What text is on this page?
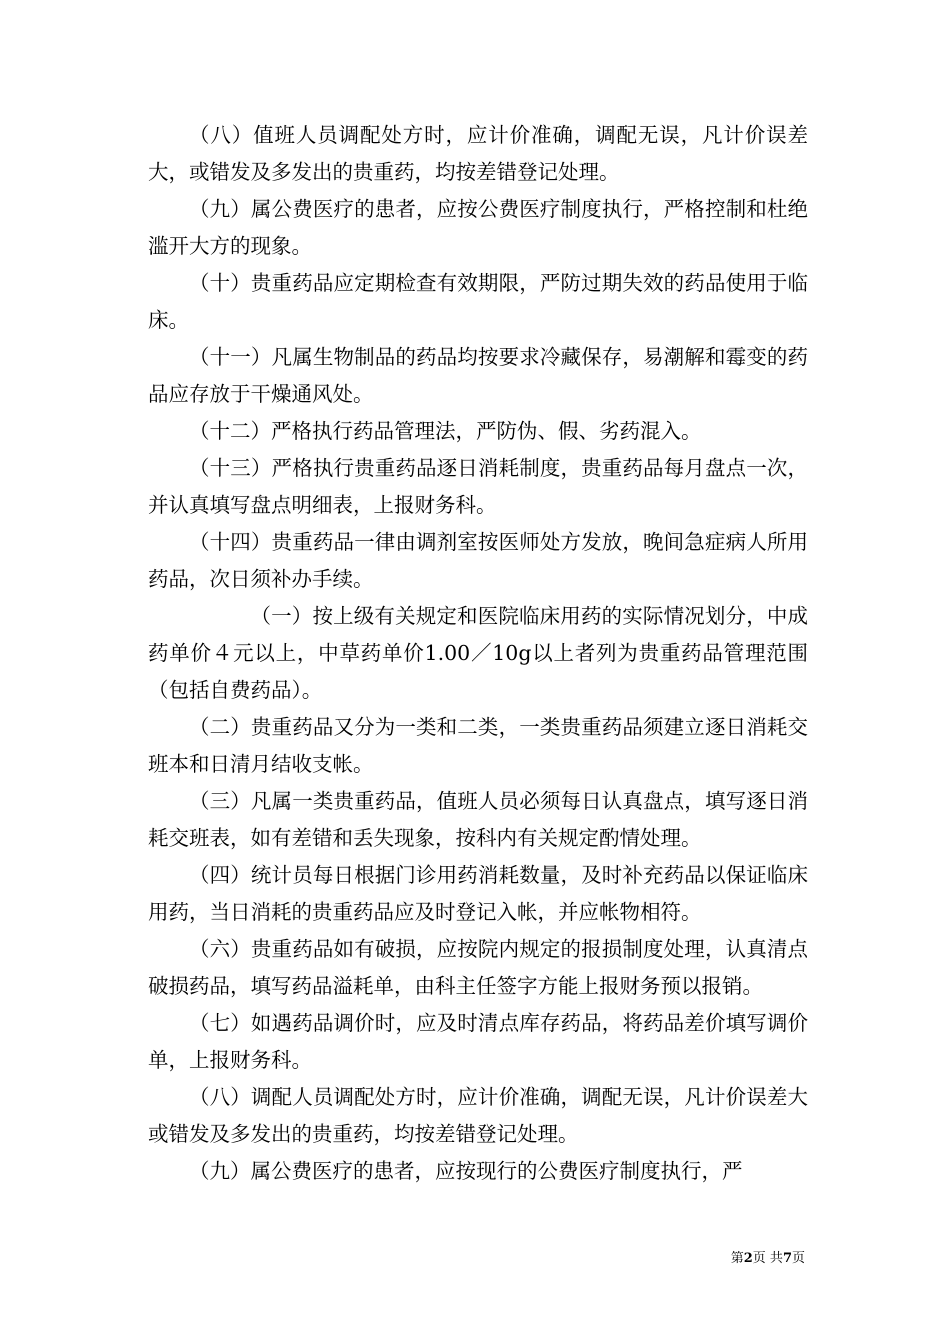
（八）值班人员调配处方时，应计价准确，调配无误，凡计价误差大，或错发及多发出的贵重药，均按差错登记处理。

（九）属公费医疗的患者，应按公费医疗制度执行，严格控制和杜绝滥开大方的现象。

（十）贵重药品应定期检查有效期限，严防过期失效的药品使用于临床。

（十一）凡属生物制品的药品均按要求冷藏保存，易潮解和霉变的药品应存放于干燥通风处。

（十二）严格执行药品管理法，严防伪、假、劣药混入。

（十三）严格执行贵重药品逐日消耗制度，贵重药品每月盘点一次，并认真填写盘点明细表，上报财务科。

（十四）贵重药品一律由调剂室按医师处方发放，晚间急症病人所用药品，次日须补办手续。

（一）按上级有关规定和医院临床用药的实际情况划分，中成药单价４元以上，中草药单价1.00／10g以上者列为贵重药品管理范围（包括自费药品）。

（二）贵重药品又分为一类和二类，一类贵重药品须建立逐日消耗交班本和日清月结收支帐。

（三）凡属一类贵重药品，值班人员必须每日认真盘点，填写逐日消耗交班表，如有差错和丢失现象，按科内有关规定酌情处理。

（四）统计员每日根据门诊用药消耗数量，及时补充药品以保证临床用药，当日消耗的贵重药品应及时登记入帐，并应帐物相符。

（六）贵重药品如有破损，应按院内规定的报损制度处理，认真清点破损药品，填写药品溢耗单，由科主任签字方能上报财务预以报销。

（七）如遇药品调价时，应及时清点库存药品，将药品差价填写调价单，上报财务科。

（八）调配人员调配处方时，应计价准确，调配无误，凡计价误差大或错发及多发出的贵重药，均按差错登记处理。

（九）属公费医疗的患者，应按现行的公费医疗制度执行，严

第2页 共7页
